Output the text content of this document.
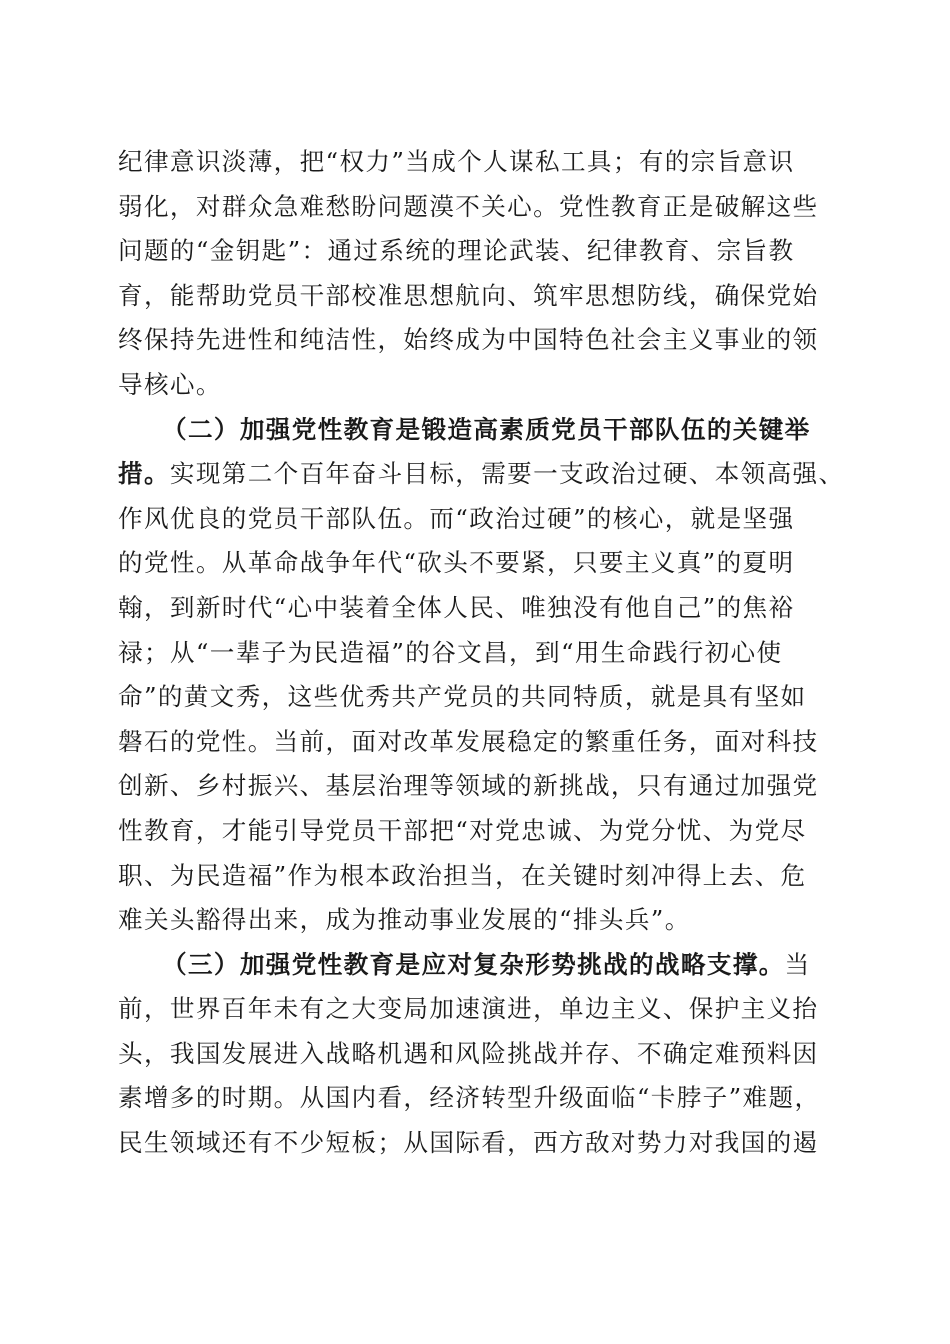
纪律意识淡薄，把“权力”当成个人谋私工具；有的宗旨意识
弱化，对群众急难愁盼问题漠不关心。党性教育正是破解这些
问题的“金钥匙”：通过系统的理论武装、纪律教育、宗旨教
育，能帮助党员干部校准思想航向、筑牢思想防线，确保党始
终保持先进性和纯洁性，始终成为中国特色社会主义事业的领
导核心。
（二）加强党性教育是锻造高素质党员干部队伍的关键举
措。实现第二个百年奋斗目标，需要一支政治过硬、本领高强、
作风优良的党员干部队伍。而“政治过硬”的核心，就是坚强
的党性。从革命战争年代“砍头不要紧，只要主义真”的夏明
翰，到新时代“心中装着全体人民、唯独没有他自己”的焦裕
禄；从“一辈子为民造福”的谷文昌，到“用生命践行初心使
命”的黄文秀，这些优秀共产党员的共同特质，就是具有坚如
磐石的党性。当前，面对改革发展稳定的繁重任务，面对科技
创新、乡村振兴、基层治理等领域的新挑战，只有通过加强党
性教育，才能引导党员干部把“对党忠诚、为党分忧、为党尽
职、为民造福”作为根本政治担当，在关键时刻冲得上去、危
难关头豁得出来，成为推动事业发展的“排头兵”。
（三）加强党性教育是应对复杂形势挑战的战略支撑。当
前，世界百年未有之大变局加速演进，单边主义、保护主义抬
头，我国发展进入战略机遇和风险挑战并存、不确定难预料因
素增多的时期。从国内看，经济转型升级面临“卡脖子”难题，
民生领域还有不少短板；从国际看，西方敌对势力对我国的遏
